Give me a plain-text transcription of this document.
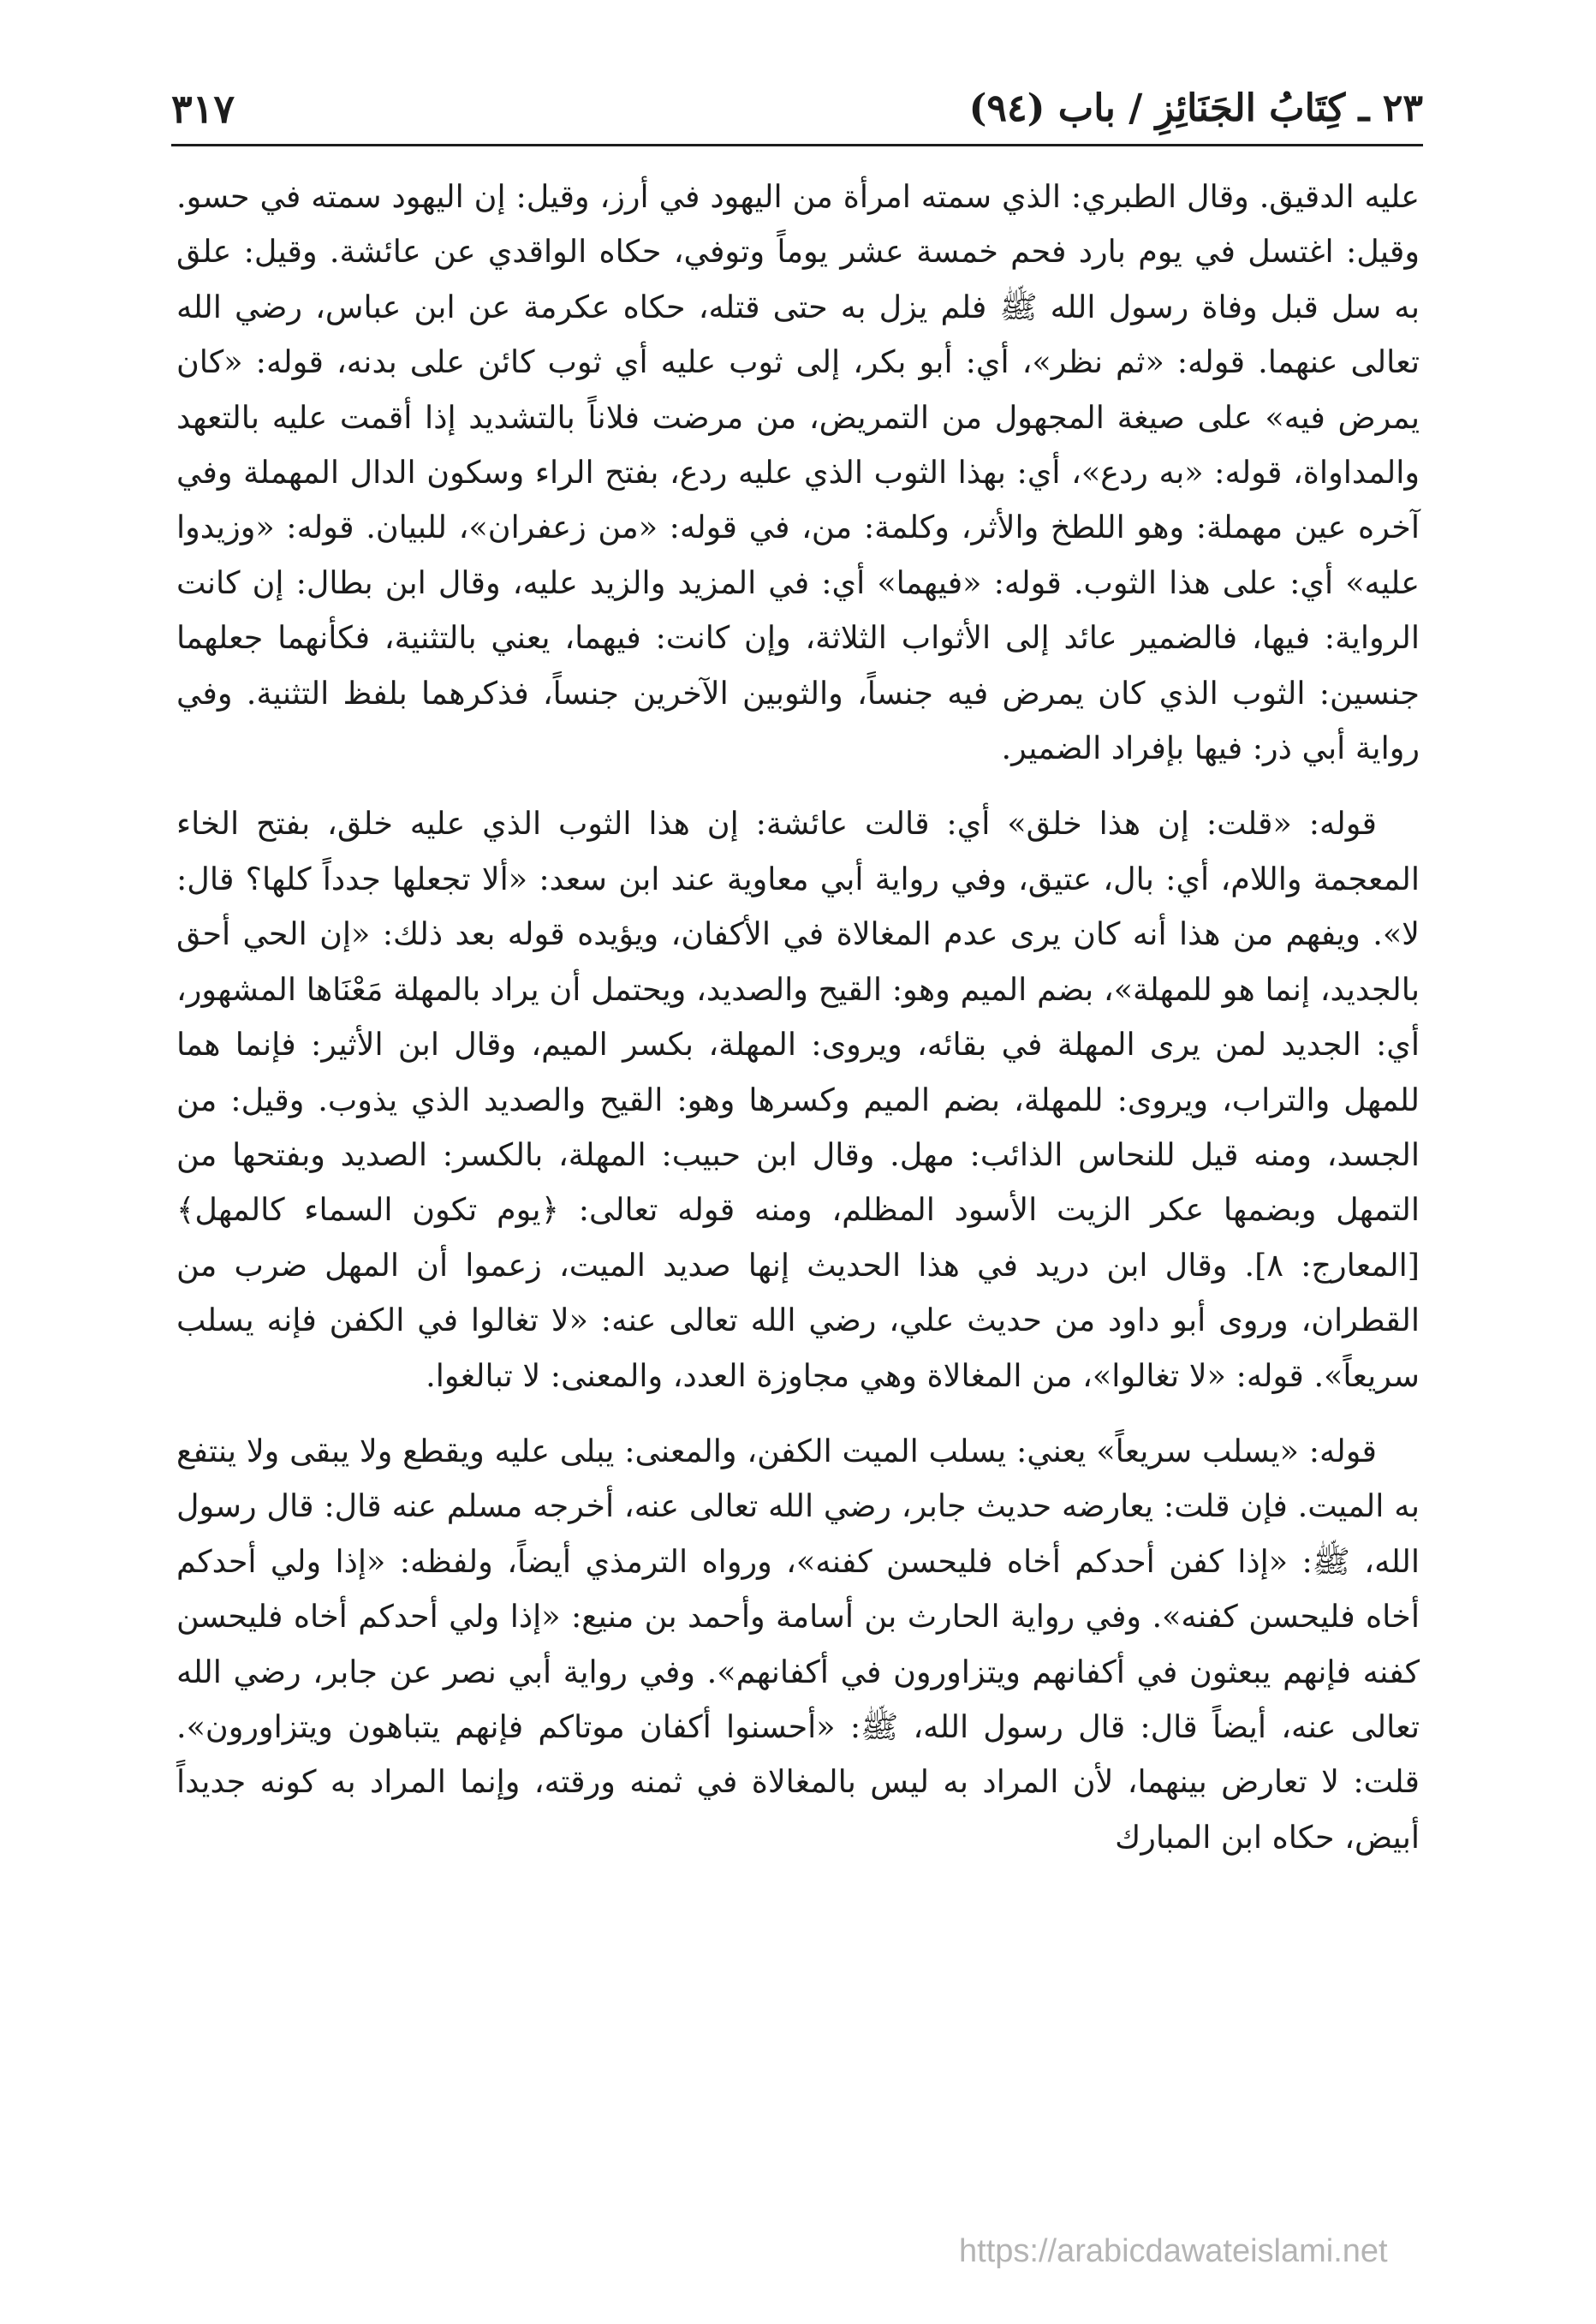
٢٣ ـ كِتَابُ الجَنَائِزِ / باب (٩٤)
٣١٧

عليه الدقيق. وقال الطبري: الذي سمته امرأة من اليهود في أرز، وقيل: إن اليهود سمته في حسو. وقيل: اغتسل في يوم بارد فحم خمسة عشر يوماً وتوفي، حكاه الواقدي عن عائشة. وقيل: علق به سل قبل وفاة رسول الله ﷺ فلم يزل به حتى قتله، حكاه عكرمة عن ابن عباس، رضي الله تعالى عنهما. قوله: «ثم نظر»، أي: أبو بكر، إلى ثوب عليه أي ثوب كائن على بدنه، قوله: «كان يمرض فيه» على صيغة المجهول من التمريض، من مرضت فلاناً بالتشديد إذا أقمت عليه بالتعهد والمداواة، قوله: «به ردع»، أي: بهذا الثوب الذي عليه ردع، بفتح الراء وسكون الدال المهملة وفي آخره عين مهملة: وهو اللطخ والأثر، وكلمة: من، في قوله: «من زعفران»، للبيان. قوله: «وزيدوا عليه» أي: على هذا الثوب. قوله: «فيهما» أي: في المزيد والزيد عليه، وقال ابن بطال: إن كانت الرواية: فيها، فالضمير عائد إلى الأثواب الثلاثة، وإن كانت: فيهما، يعني بالتثنية، فكأنهما جعلهما جنسين: الثوب الذي كان يمرض فيه جنساً، والثوبين الآخرين جنساً، فذكرهما بلفظ التثنية. وفي رواية أبي ذر: فيها بإفراد الضمير.

قوله: «قلت: إن هذا خلق» أي: قالت عائشة: إن هذا الثوب الذي عليه خلق، بفتح الخاء المعجمة واللام، أي: بال، عتيق، وفي رواية أبي معاوية عند ابن سعد: «ألا تجعلها جدداً كلها؟ قال: لا». ويفهم من هذا أنه كان يرى عدم المغالاة في الأكفان، ويؤيده قوله بعد ذلك: «إن الحي أحق بالجديد، إنما هو للمهلة»، بضم الميم وهو: القيح والصديد، ويحتمل أن يراد بالمهلة مَعْنَاها المشهور، أي: الجديد لمن يرى المهلة في بقائه، ويروى: المهلة، بكسر الميم، وقال ابن الأثير: فإنما هما للمهل والتراب، ويروى: للمهلة، بضم الميم وكسرها وهو: القيح والصديد الذي يذوب. وقيل: من الجسد، ومنه قيل للنحاس الذائب: مهل. وقال ابن حبيب: المهلة، بالكسر: الصديد وبفتحها من التمهل وبضمها عكر الزيت الأسود المظلم، ومنه قوله تعالى: ﴿يوم تكون السماء كالمهل﴾ [المعارج: ٨]. وقال ابن دريد في هذا الحديث إنها صديد الميت، زعموا أن المهل ضرب من القطران، وروى أبو داود من حديث علي، رضي الله تعالى عنه: «لا تغالوا في الكفن فإنه يسلب سريعاً». قوله: «لا تغالوا»، من المغالاة وهي مجاوزة العدد، والمعنى: لا تبالغوا.

قوله: «يسلب سريعاً» يعني: يسلب الميت الكفن، والمعنى: يبلى عليه ويقطع ولا يبقى ولا ينتفع به الميت. فإن قلت: يعارضه حديث جابر، رضي الله تعالى عنه، أخرجه مسلم عنه قال: قال رسول الله، ﷺ: «إذا كفن أحدكم أخاه فليحسن كفنه»، ورواه الترمذي أيضاً، ولفظه: «إذا ولي أحدكم أخاه فليحسن كفنه». وفي رواية الحارث بن أسامة وأحمد بن منيع: «إذا ولي أحدكم أخاه فليحسن كفنه فإنهم يبعثون في أكفانهم ويتزاورون في أكفانهم». وفي رواية أبي نصر عن جابر، رضي الله تعالى عنه، أيضاً قال: قال رسول الله، ﷺ: «أحسنوا أكفان موتاكم فإنهم يتباهون ويتزاورون». قلت: لا تعارض بينهما، لأن المراد به ليس بالمغالاة في ثمنه ورقته، وإنما المراد به كونه جديداً أبيض، حكاه ابن المبارك

https://arabicdawateislami.net
